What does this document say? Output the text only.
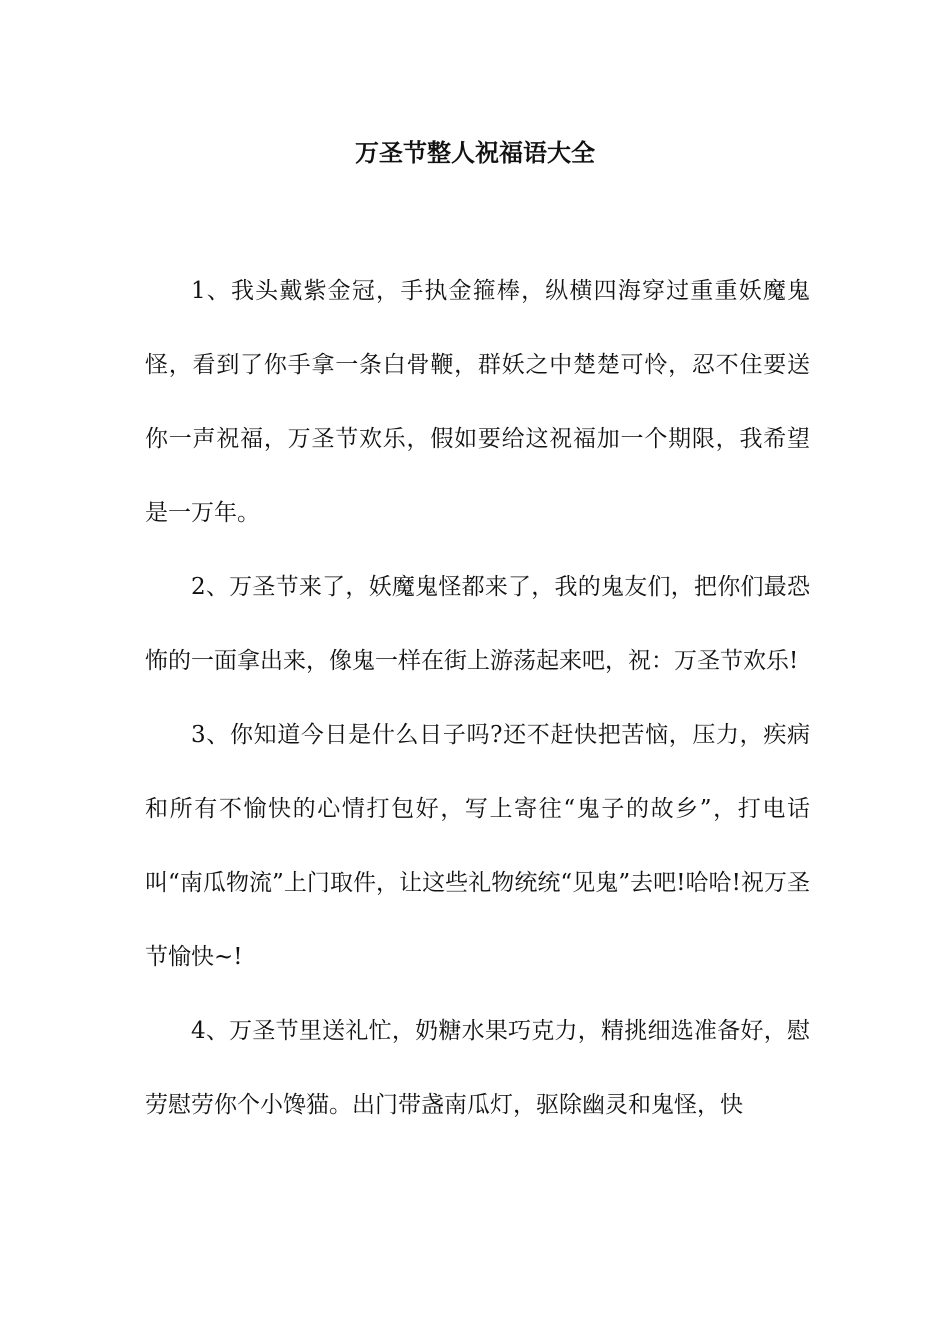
万圣节整人祝福语大全

1、我头戴紫金冠，手执金箍棒，纵横四海穿过重重妖魔鬼怪，看到了你手拿一条白骨鞭，群妖之中楚楚可怜，忍不住要送你一声祝福，万圣节欢乐，假如要给这祝福加一个期限，我希望是一万年。

2、万圣节来了，妖魔鬼怪都来了，我的鬼友们，把你们最恐怖的一面拿出来，像鬼一样在街上游荡起来吧，祝：万圣节欢乐!

3、你知道今日是什么日子吗?还不赶快把苦恼，压力，疾病和所有不愉快的心情打包好，写上寄往“鬼子的故乡”，打电话叫“南瓜物流”上门取件，让这些礼物统统“见鬼”去吧!哈哈!祝万圣节愉快~!

4、万圣节里送礼忙，奶糖水果巧克力，精挑细选准备好，慰劳慰劳你个小馋猫。出门带盏南瓜灯，驱除幽灵和鬼怪，快
